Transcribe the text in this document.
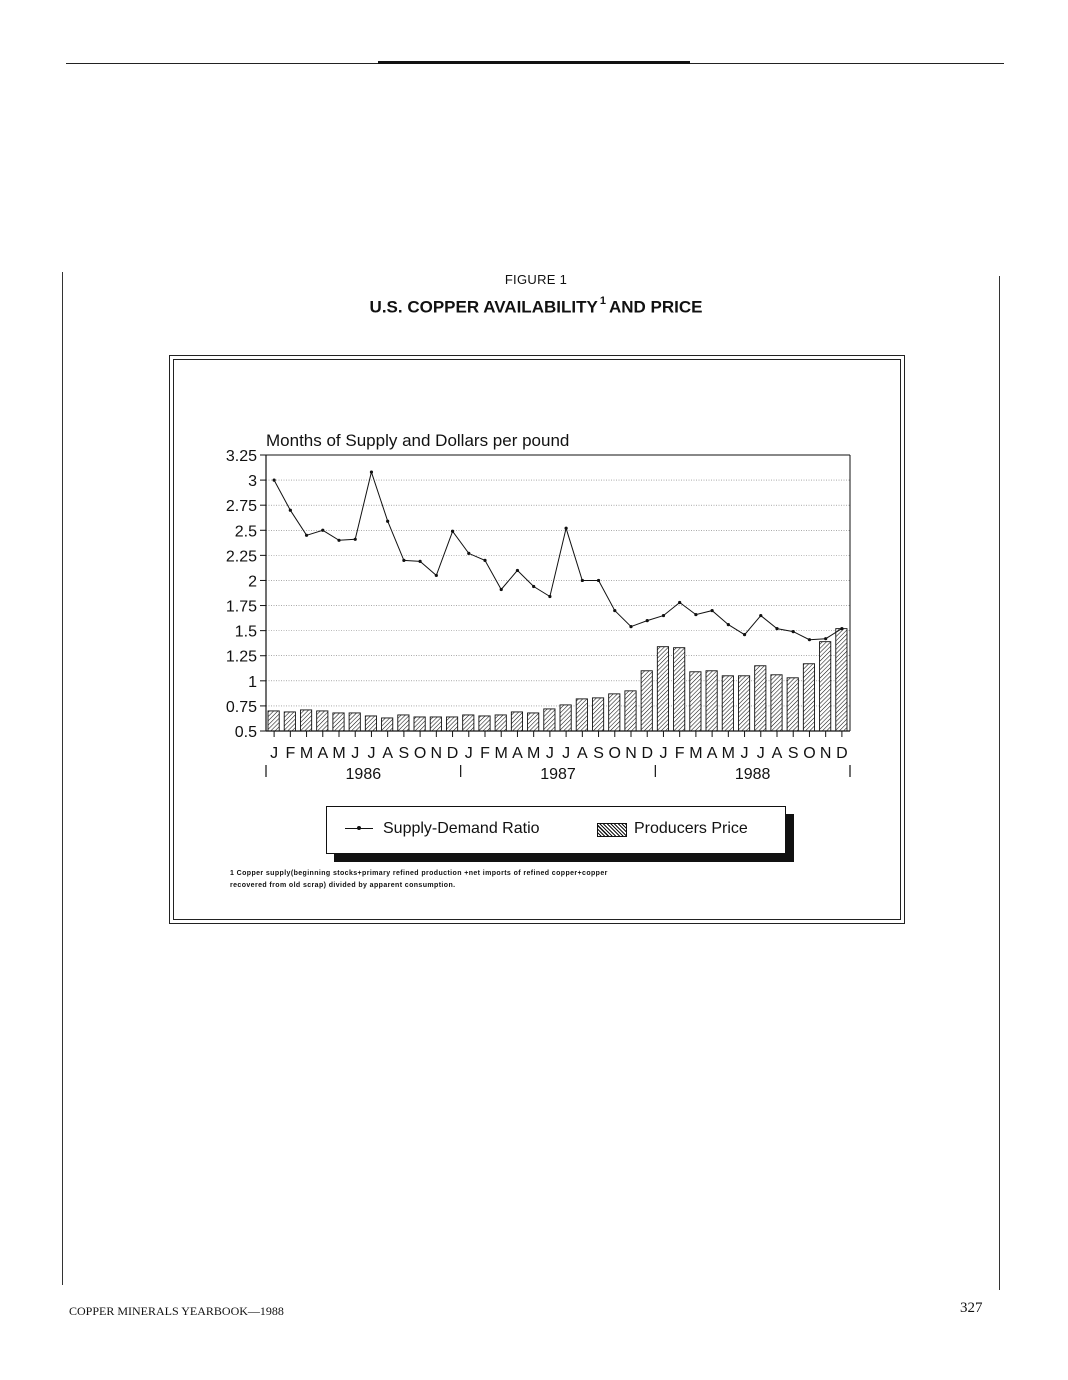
FIGURE 1
U.S. COPPER AVAILABILITY $^1$ AND PRICE
Months of Supply and Dollars per pound
0.5
0.75
1
1.25
1.5
1.75
2
2.25
2.5
2.75
3
3.25
J F M A M J J A S O N D J F M A M J J A S O N D J F M A M J J A S O N D
1986	1987	1988
Supply-Demand Ratio	Producers Price
1 Copper supply(beginning stocks+primary refined production +net imports of refined copper+copper recovered from old scrap) divided by apparent consumption.
COPPER MINERALS YEARBOOK—1988	327
